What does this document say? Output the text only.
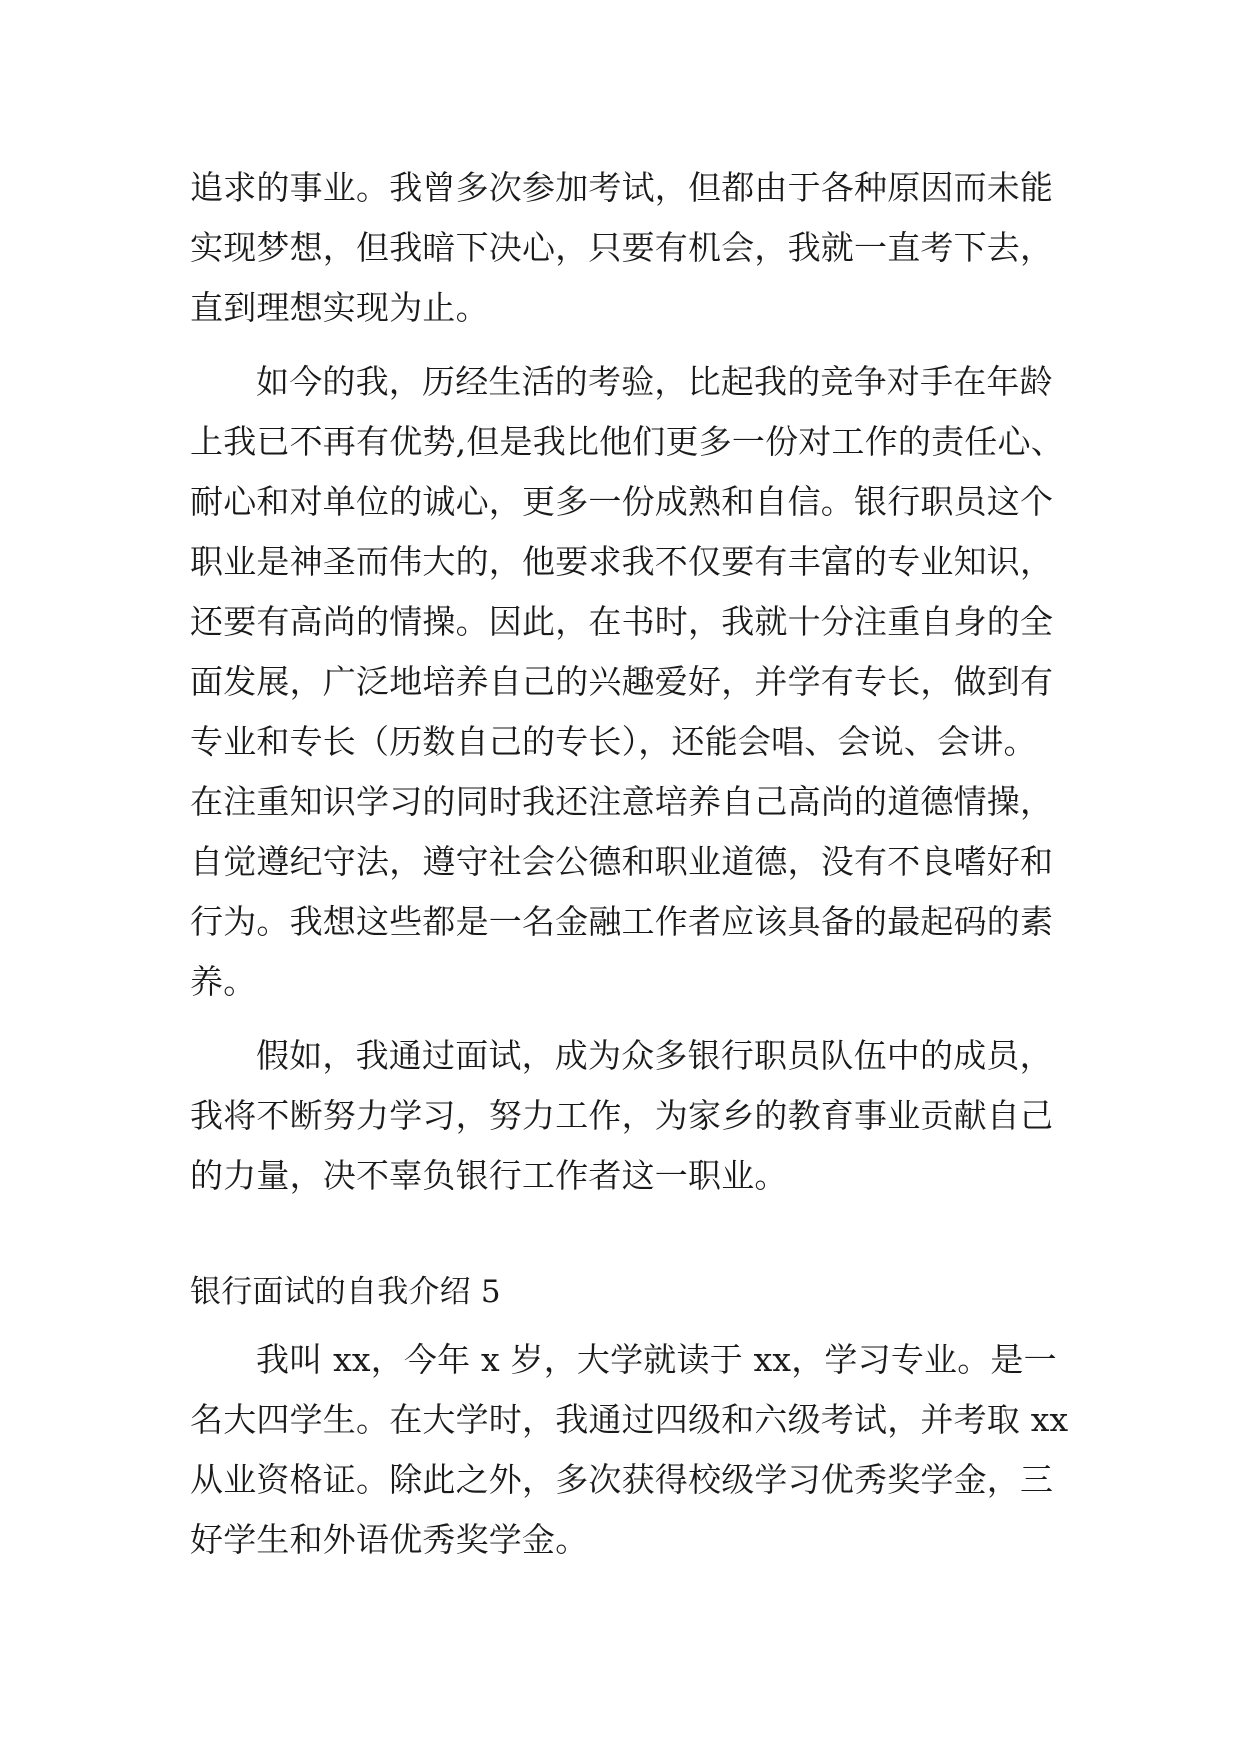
追求的事业。我曾多次参加考试，但都由于各种原因而未能
实现梦想，但我暗下决心，只要有机会，我就一直考下去，
直到理想实现为止。
如今的我，历经生活的考验，比起我的竞争对手在年龄
上我已不再有优势,但是我比他们更多一份对工作的责任心、
耐心和对单位的诚心，更多一份成熟和自信。银行职员这个
职业是神圣而伟大的，他要求我不仅要有丰富的专业知识，
还要有高尚的情操。因此，在书时，我就十分注重自身的全
面发展，广泛地培养自己的兴趣爱好，并学有专长，做到有
专业和专长（历数自己的专长），还能会唱、会说、会讲。
在注重知识学习的同时我还注意培养自己高尚的道德情操，
自觉遵纪守法，遵守社会公德和职业道德，没有不良嗜好和
行为。我想这些都是一名金融工作者应该具备的最起码的素
养。
假如，我通过面试，成为众多银行职员队伍中的成员，
我将不断努力学习，努力工作，为家乡的教育事业贡献自己
的力量，决不辜负银行工作者这一职业。
银行面试的自我介绍 5
我叫 xx，今年 x 岁，大学就读于 xx，学习专业。是一
名大四学生。在大学时，我通过四级和六级考试，并考取 xx
从业资格证。除此之外，多次获得校级学习优秀奖学金，三
好学生和外语优秀奖学金。
